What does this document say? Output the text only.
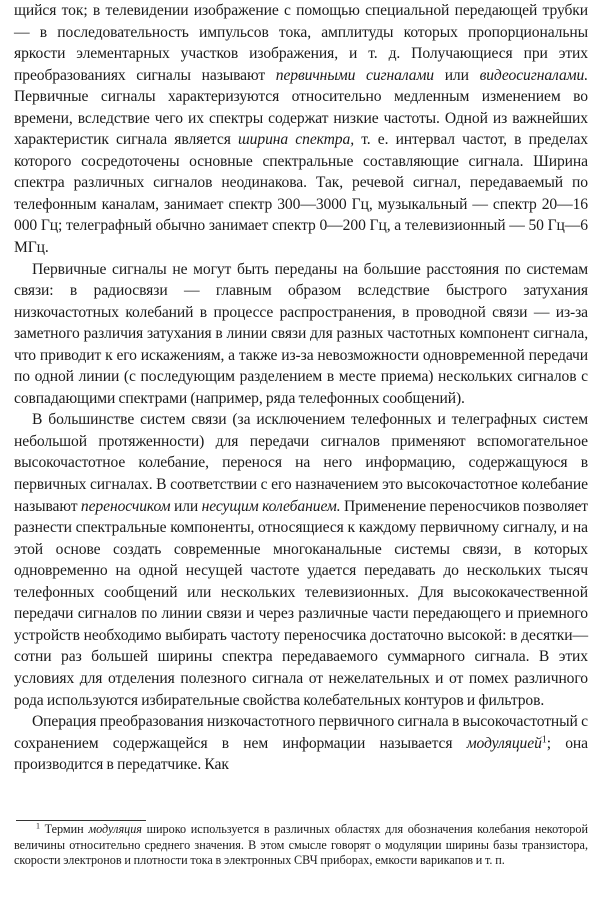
щийся ток; в телевидении изображение с помощью специальной передающей трубки — в последовательность импульсов тока, амплитуды которых пропорциональны яркости элементарных участков изображения, и т. д. Получающиеся при этих преобразованиях сигналы называют первичными сигналами или видеосигналами. Первичные сигналы характеризуются относительно медленным изменением во времени, вследствие чего их спектры содержат низкие частоты. Одной из важнейших характеристик сигнала является ширина спектра, т. е. интервал частот, в пределах которого сосредоточены основные спектральные составляющие сигнала. Ширина спектра различных сигналов неодинакова. Так, речевой сигнал, передаваемый по телефонным каналам, занимает спектр 300—3000 Гц, музыкальный — спектр 20—16 000 Гц; телеграфный обычно занимает спектр 0—200 Гц, а телевизионный — 50 Гц—6 МГц.

Первичные сигналы не могут быть переданы на большие расстояния по системам связи: в радиосвязи — главным образом вследствие быстрого затухания низкочастотных колебаний в процессе распространения, в проводной связи — из-за заметного различия затухания в линии связи для разных частотных компонент сигнала, что приводит к его искажениям, а также из-за невозможности одновременной передачи по одной линии (с последующим разделением в месте приема) нескольких сигналов с совпадающими спектрами (например, ряда телефонных сообщений).

В большинстве систем связи (за исключением телефонных и телеграфных систем небольшой протяженности) для передачи сигналов применяют вспомогательное высокочастотное колебание, перенося на него информацию, содержащуюся в первичных сигналах. В соответствии с его назначением это высокочастотное колебание называют переносчиком или несущим колебанием. Применение переносчиков позволяет разнести спектральные компоненты, относящиеся к каждому первичному сигналу, и на этой основе создать современные многоканальные системы связи, в которых одновременно на одной несущей частоте удается передавать до нескольких тысяч телефонных сообщений или нескольких телевизионных. Для высококачественной передачи сигналов по линии связи и через различные части передающего и приемного устройств необходимо выбирать частоту переносчика достаточно высокой: в десятки—сотни раз большей ширины спектра передаваемого суммарного сигнала. В этих условиях для отделения полезного сигнала от нежелательных и от помех различного рода используются избирательные свойства колебательных контуров и фильтров.

Операция преобразования низкочастотного первичного сигнала в высокочастотный с сохранением содержащейся в нем информации называется модуляцией$^1$; она производится в передатчике. Как

$^1$ Термин модуляция широко используется в различных областях для обозначения колебания некоторой величины относительно среднего значения. В этом смысле говорят о модуляции ширины базы транзистора, скорости электронов и плотности тока в электронных СВЧ приборах, емкости варикапов и т. п.
